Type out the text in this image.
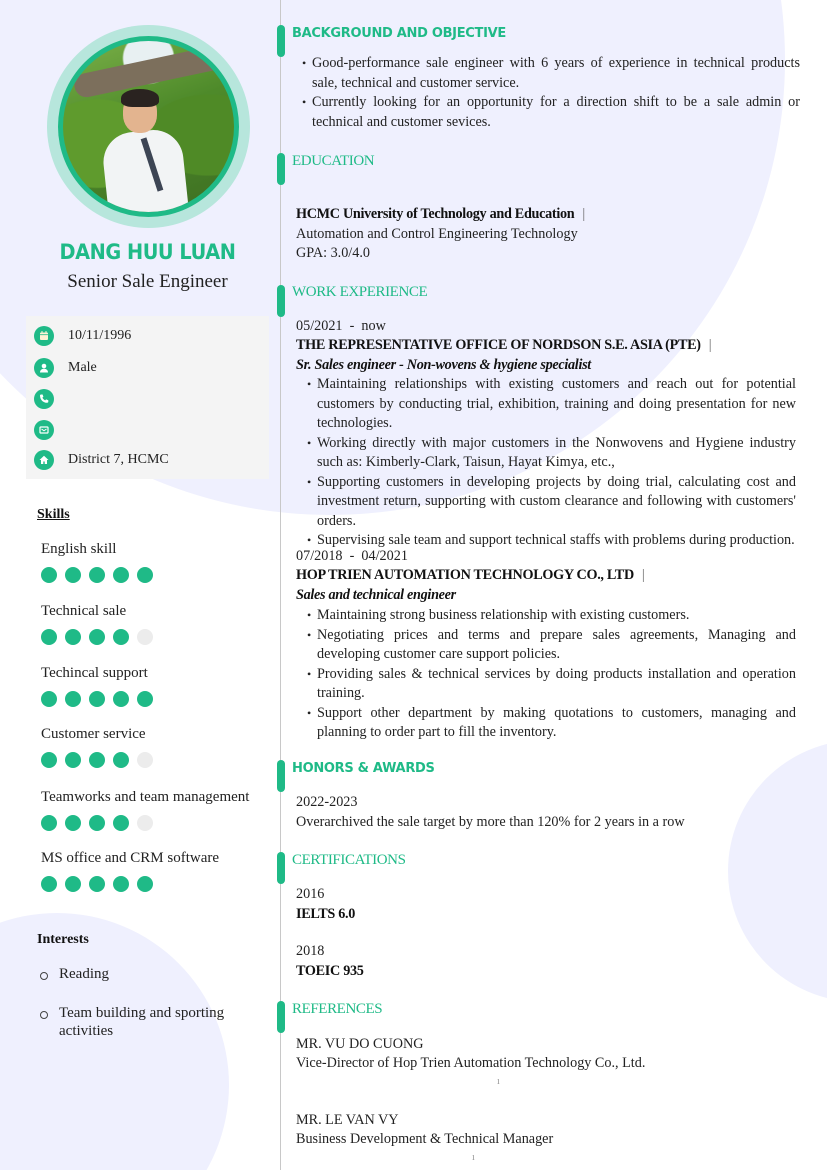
DANG HUU LUAN
Senior Sale Engineer
10/11/1996
Male
District 7, HCMC
Skills
English skill
Technical sale
Techincal support
Customer service
Teamworks and team management
MS office and CRM software
Interests
Reading
Team building and sporting activities
BACKGROUND AND OBJECTIVE
• Good-performance sale engineer with 6 years of experience in technical products sale, technical and customer service.
• Currently looking for an opportunity for a direction shift to be a sale admin or technical and customer sevices.
EDUCATION
HCMC University of Technology and Education |
Automation and Control Engineering Technology
GPA: 3.0/4.0
WORK EXPERIENCE
05/2021  -  now
THE REPRESENTATIVE OFFICE OF NORDSON S.E. ASIA (PTE) |
Sr. Sales engineer - Non-wovens & hygiene specialist
• Maintaining relationships with existing customers and reach out for potential customers by conducting trial, exhibition, training and doing presentation for new technologies.
• Working directly with major customers in the Nonwovens and Hygiene industry such as: Kimberly-Clark, Taisun, Hayat Kimya, etc.,
• Supporting customers in developing projects by doing trial, calculating cost and investment return, supporting with custom clearance and following with customers' orders.
• Supervising sale team and support technical staffs with problems during production.
07/2018  -  04/2021
HOP TRIEN AUTOMATION TECHNOLOGY CO., LTD |
Sales and technical engineer
• Maintaining strong business relationship with existing customers.
• Negotiating prices and terms and prepare sales agreements, Managing and developing customer care support policies.
• Providing sales & technical services by doing products installation and operation training.
• Support other department by making quotations to customers, managing and planning to order part to fill the inventory.
HONORS & AWARDS
2022-2023
Overarchived the sale target by more than 120% for 2 years in a row
CERTIFICATIONS
2016
IELTS 6.0
2018
TOEIC 935
REFERENCES
MR. VU DO CUONG
Vice-Director of Hop Trien Automation Technology Co., Ltd.
ı
MR. LE VAN VY
Business Development & Technical Manager
ı
